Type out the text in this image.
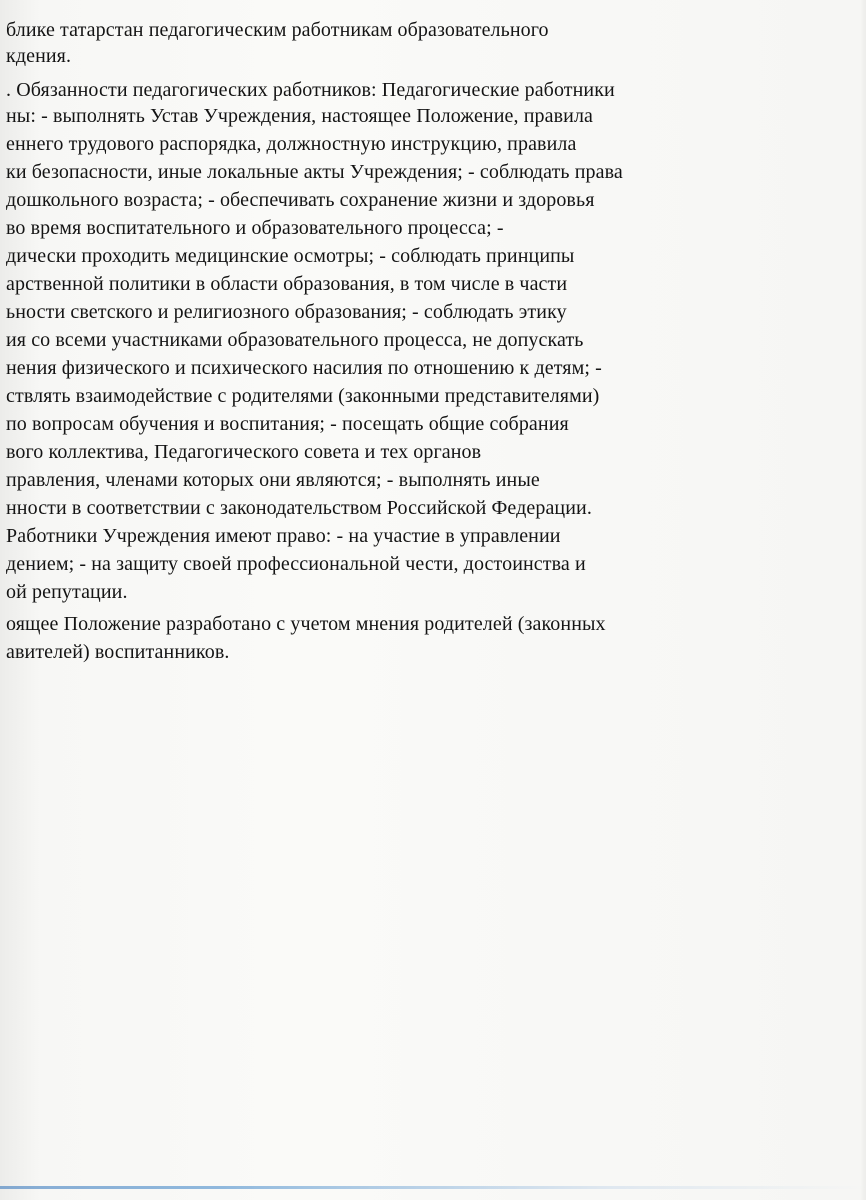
блике татарстан педагогическим работникам образовательного
кдения.
. Обязанности педагогических работников: Педагогические работники
ны: - выполнять Устав Учреждения, настоящее Положение, правила
еннего трудового распорядка, должностную инструкцию, правила
ки безопасности, иные локальные акты Учреждения; - соблюдать права
дошкольного возраста; - обеспечивать сохранение жизни и здоровья
во время воспитательного и образовательного процесса; -
дически проходить медицинские осмотры; - соблюдать принципы
арственной политики в области образования, в том числе в части
ьности светского и религиозного образования; - соблюдать этику
ия со всеми участниками образовательного процесса, не допускать
нения физического и психического насилия по отношению к детям; -
ствлять взаимодействие с родителями (законными представителями)
по вопросам обучения и воспитания; - посещать общие собрания
вого коллектива, Педагогического совета и тех органов
правления, членами которых они являются; - выполнять иные
нности в соответствии с законодательством Российской Федерации.
Работники Учреждения имеют право: - на участие в управлении
дением; - на защиту своей профессиональной чести, достоинства и
ой репутации.
оящее Положение разработано с учетом мнения родителей (законных
авителей) воспитанников.
